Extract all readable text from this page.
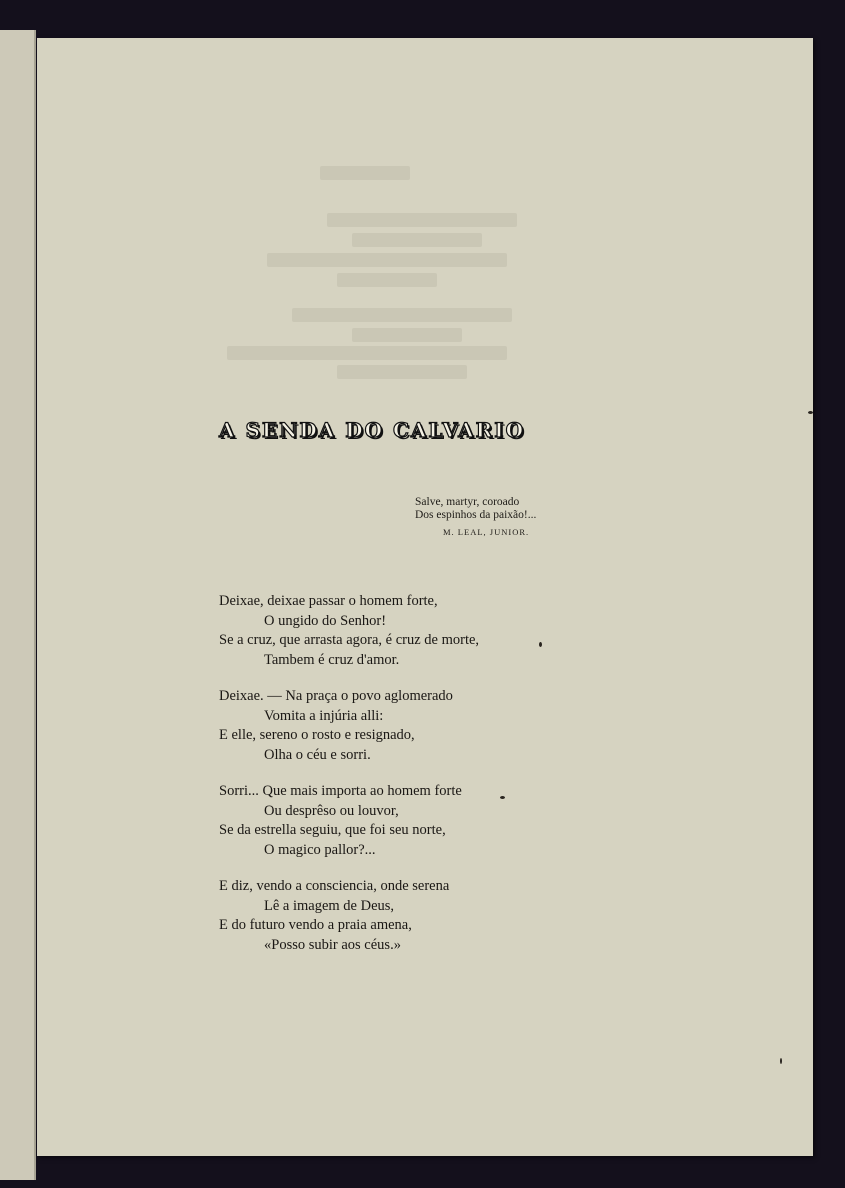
A SENDA DO CALVARIO
Salve, martyr, coroado
Dos espinhos da paixão!...
M. LEAL, JUNIOR.
Deixae, deixae passar o homem forte,
O ungido do Senhor!
Se a cruz, que arrasta agora, é cruz de morte,
Tambem é cruz d'amor.
Deixae. — Na praça o povo aglomerado
Vomita a injúria alli:
E elle, sereno o rosto e resignado,
Olha o céu e sorri.
Sorri... Que mais importa ao homem forte
Ou desprêso ou louvor,
Se da estrella seguiu, que foi seu norte,
O magico pallor?...
E diz, vendo a consciencia, onde serena
Lê a imagem de Deus,
E do futuro vendo a praia amena,
«Posso subir aos céus.»
